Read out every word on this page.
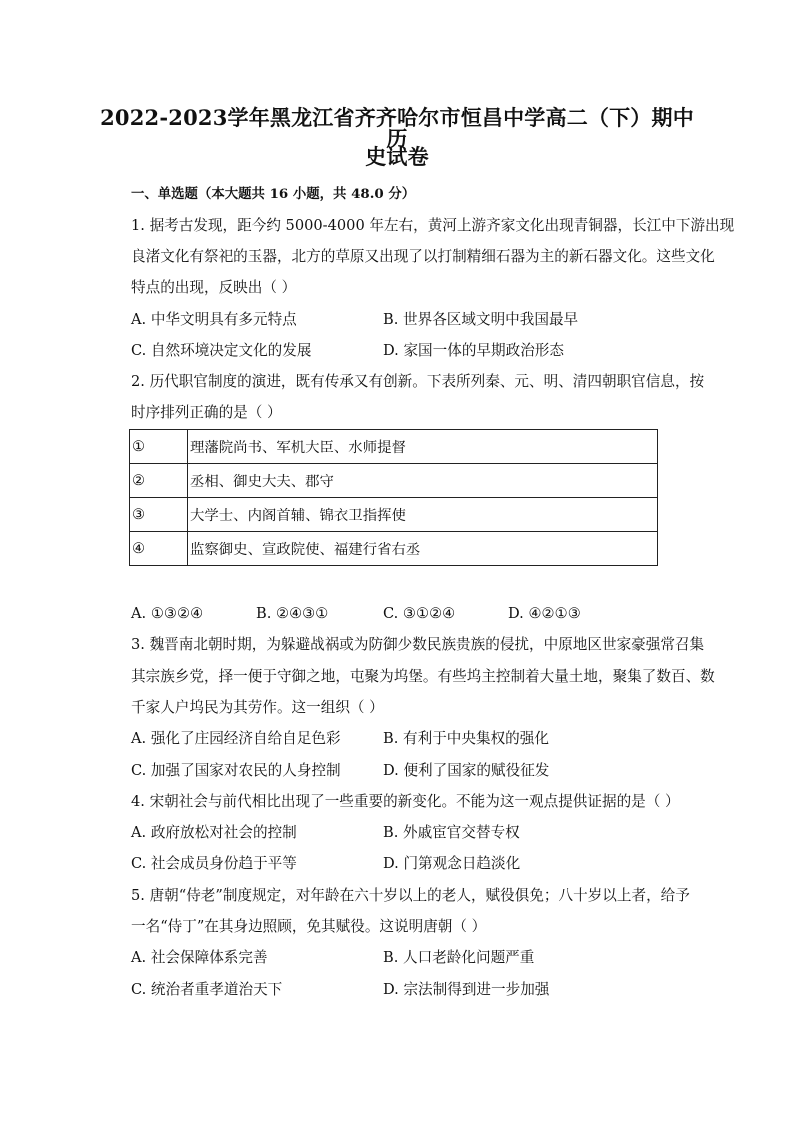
2022-2023学年黑龙江省齐齐哈尔市恒昌中学高二（下）期中历
史试卷
一、单选题（本大题共 16 小题，共 48.0 分）
1. 据考古发现，距今约 5000-4000 年左右，黄河上游齐家文化出现青铜器，长江中下游出现
良渚文化有祭祀的玉器，北方的草原又出现了以打制精细石器为主的新石器文化。这些文化
特点的出现，反映出（ ）
A. 中华文明具有多元特点	B. 世界各区域文明中我国最早
C. 自然环境决定文化的发展	D. 家国一体的早期政治形态
2. 历代职官制度的演进，既有传承又有创新。下表所列秦、元、明、清四朝职官信息，按
时序排列正确的是（ ）
①	理藩院尚书、军机大臣、水师提督
②	丞相、御史大夫、郡守
③	大学士、内阁首辅、锦衣卫指挥使
④	监察御史、宣政院使、福建行省右丞
A. ①③②④	B. ②④③①	C. ③①②④	D. ④②①③
3. 魏晋南北朝时期，为躲避战祸或为防御少数民族贵族的侵扰，中原地区世家豪强常召集
其宗族乡党，择一便于守御之地，屯聚为坞堡。有些坞主控制着大量土地，聚集了数百、数
千家人户坞民为其劳作。这一组织（ ）
A. 强化了庄园经济自给自足色彩	B. 有利于中央集权的强化
C. 加强了国家对农民的人身控制	D. 便利了国家的赋役征发
4. 宋朝社会与前代相比出现了一些重要的新变化。不能为这一观点提供证据的是（ ）
A. 政府放松对社会的控制	B. 外戚宦官交替专权
C. 社会成员身份趋于平等	D. 门第观念日趋淡化
5. 唐朝“侍老”制度规定，对年龄在六十岁以上的老人，赋役俱免；八十岁以上者，给予
一名“侍丁”在其身边照顾，免其赋役。这说明唐朝（ ）
A. 社会保障体系完善	B. 人口老龄化问题严重
C. 统治者重孝道治天下	D. 宗法制得到进一步加强
